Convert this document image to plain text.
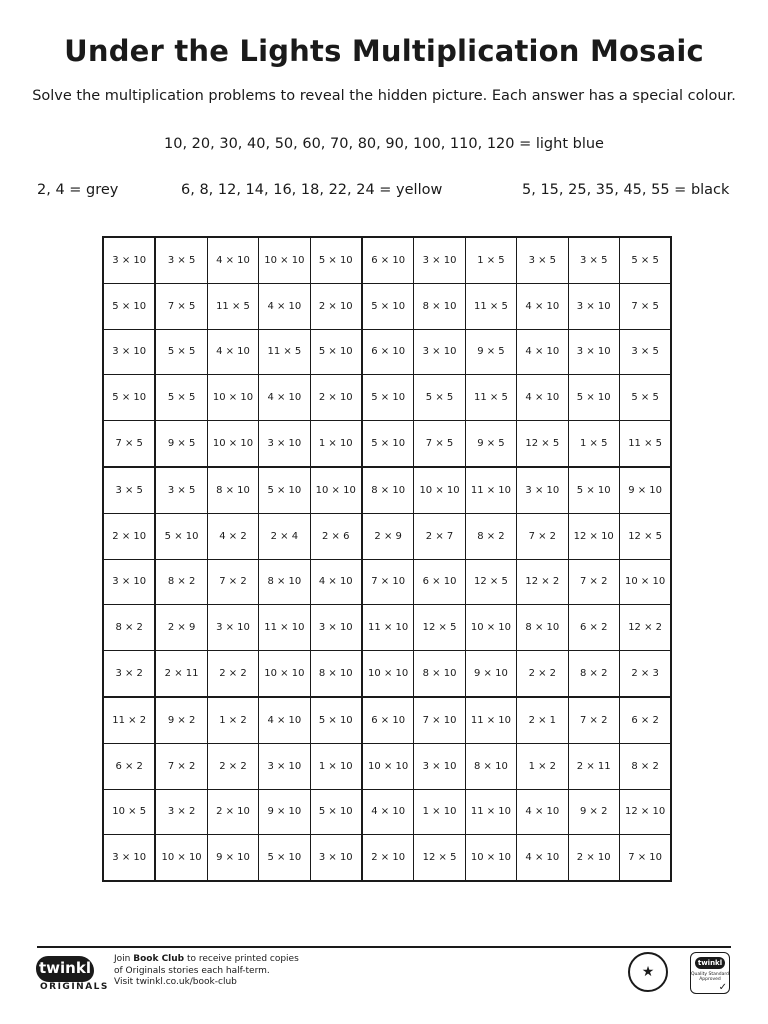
Under the Lights Multiplication Mosaic
Solve the multiplication problems to reveal the hidden picture. Each answer has a special colour.
10, 20, 30, 40, 50, 60, 70, 80, 90, 100, 110, 120 = light blue
2, 4 = grey	6, 8, 12, 14, 16, 18, 22, 24 = yellow	5, 15, 25, 35, 45, 55 = black
3 × 10	3 × 5	4 × 10	10 × 10	5 × 10	6 × 10	3 × 10	1 × 5	3 × 5	3 × 5	5 × 5
5 × 10	7 × 5	11 × 5	4 × 10	2 × 10	5 × 10	8 × 10	11 × 5	4 × 10	3 × 10	7 × 5
3 × 10	5 × 5	4 × 10	11 × 5	5 × 10	6 × 10	3 × 10	9 × 5	4 × 10	3 × 10	3 × 5
5 × 10	5 × 5	10 × 10	4 × 10	2 × 10	5 × 10	5 × 5	11 × 5	4 × 10	5 × 10	5 × 5
7 × 5	9 × 5	10 × 10	3 × 10	1 × 10	5 × 10	7 × 5	9 × 5	12 × 5	1 × 5	11 × 5
3 × 5	3 × 5	8 × 10	5 × 10	10 × 10	8 × 10	10 × 10	11 × 10	3 × 10	5 × 10	9 × 10
2 × 10	5 × 10	4 × 2	2 × 4	2 × 6	2 × 9	2 × 7	8 × 2	7 × 2	12 × 10	12 × 5
3 × 10	8 × 2	7 × 2	8 × 10	4 × 10	7 × 10	6 × 10	12 × 5	12 × 2	7 × 2	10 × 10
8 × 2	2 × 9	3 × 10	11 × 10	3 × 10	11 × 10	12 × 5	10 × 10	8 × 10	6 × 2	12 × 2
3 × 2	2 × 11	2 × 2	10 × 10	8 × 10	10 × 10	8 × 10	9 × 10	2 × 2	8 × 2	2 × 3
11 × 2	9 × 2	1 × 2	4 × 10	5 × 10	6 × 10	7 × 10	11 × 10	2 × 1	7 × 2	6 × 2
6 × 2	7 × 2	2 × 2	3 × 10	1 × 10	10 × 10	3 × 10	8 × 10	1 × 2	2 × 11	8 × 2
10 × 5	3 × 2	2 × 10	9 × 10	5 × 10	4 × 10	1 × 10	11 × 10	4 × 10	9 × 2	12 × 10
3 × 10	10 × 10	9 × 10	5 × 10	3 × 10	2 × 10	12 × 5	10 × 10	4 × 10	2 × 10	7 × 10
twinkl
ORIGINALS
Join Book Club to receive printed copies
of Originals stories each half-term.
Visit twinkl.co.uk/book-club
★
twinkl
Quality Standard Approved
✓
